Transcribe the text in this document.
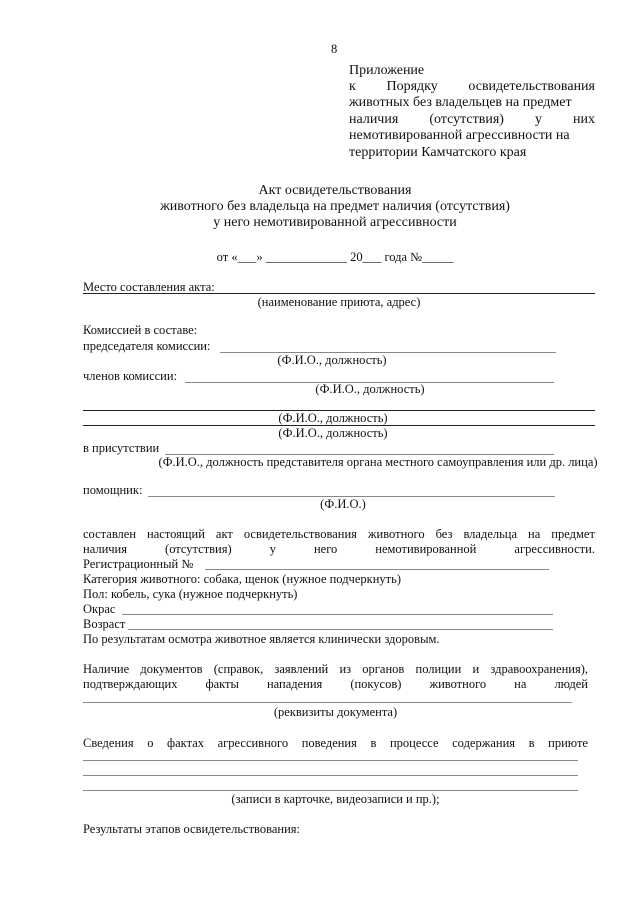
8
Приложение
к Порядку освидетельствования
животных без владельцев на предмет
наличия (отсутствия) у них
немотивированной агрессивности на
территории Камчатского края
Акт освидетельствования
животного без владельца на предмет наличия (отсутствия)
у него немотивированной агрессивности
от «___» _____________ 20___ года №_____
Место составления акта:
(наименование приюта, адрес)
Комиссией в составе:
председателя комиссии:
(Ф.И.О., должность)
членов комиссии:
(Ф.И.О., должность)
(Ф.И.О., должность)
(Ф.И.О., должность)
в присутствии
(Ф.И.О., должность представителя органа местного самоуправления или др. лица)
помощник:
(Ф.И.О.)
составлен настоящий акт освидетельствования животного без владельца на предмет
наличия	(отсутствия)	у	него	немотивированной	агрессивности.
Регистрационный №
Категория животного: собака, щенок (нужное подчеркнуть)
Пол: кобель, сука (нужное подчеркнуть)
Окрас
Возраст
По результатам осмотра животное является клинически здоровым.
Наличие документов (справок, заявлений из органов полиции и здравоохранения),
подтверждающих факты нападения (покусов) животного на людей
(реквизиты документа)
Сведения о фактах агрессивного поведения в процессе содержания в приюте
(записи в карточке, видеозаписи и пр.);
Результаты этапов освидетельствования:
